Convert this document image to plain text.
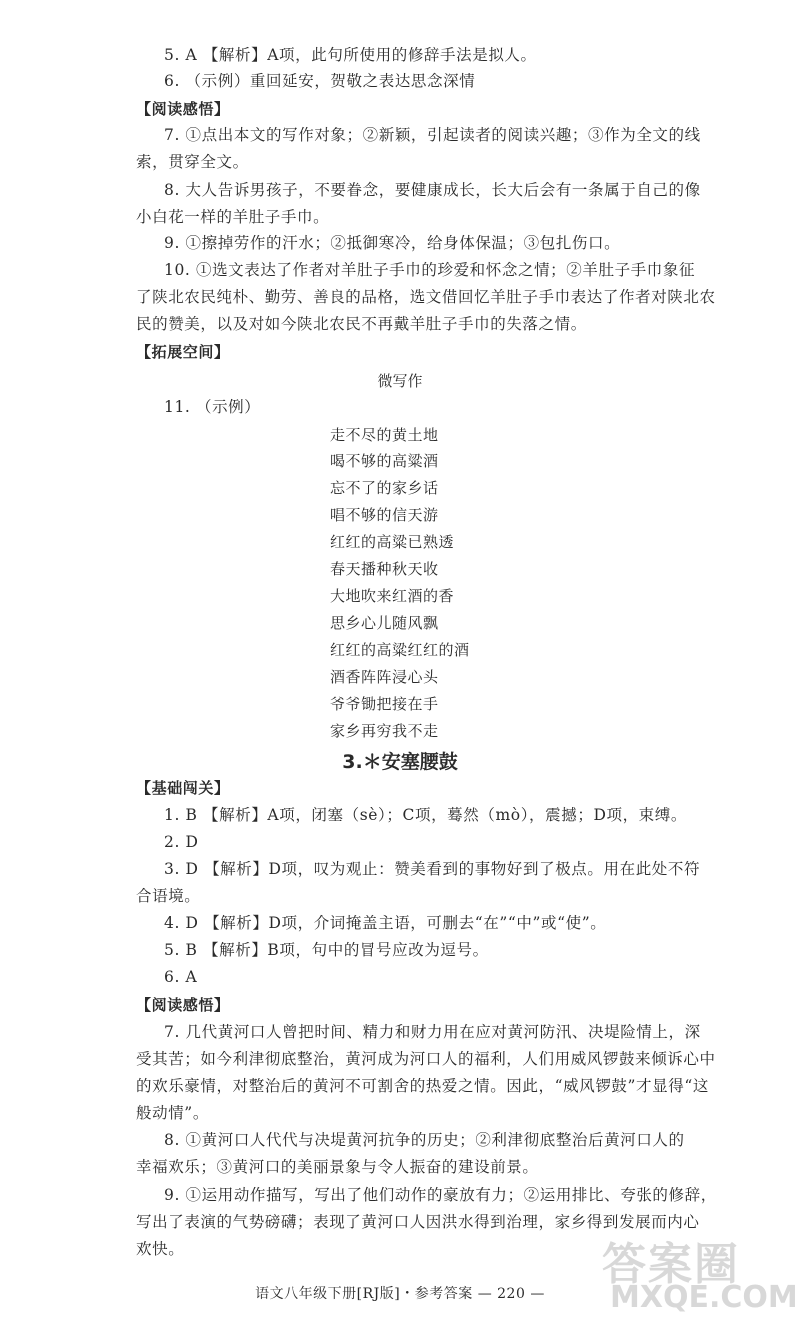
5. A 【解析】A项，此句所使用的修辞手法是拟人。
6. （示例）重回延安，贺敬之表达思念深情
【阅读感悟】
7. ①点出本文的写作对象；②新颖，引起读者的阅读兴趣；③作为全文的线
索，贯穿全文。
8. 大人告诉男孩子，不要眷念，要健康成长，长大后会有一条属于自己的像
小白花一样的羊肚子手巾。
9. ①擦掉劳作的汗水；②抵御寒冷，给身体保温；③包扎伤口。
10. ①选文表达了作者对羊肚子手巾的珍爱和怀念之情；②羊肚子手巾象征
了陕北农民纯朴、勤劳、善良的品格，选文借回忆羊肚子手巾表达了作者对陕北农
民的赞美，以及对如今陕北农民不再戴羊肚子手巾的失落之情。
【拓展空间】
微写作
11. （示例）
走不尽的黄土地
喝不够的高粱酒
忘不了的家乡话
唱不够的信天游
红红的高粱已熟透
春天播种秋天收
大地吹来红酒的香
思乡心儿随风飘
红红的高粱红红的酒
酒香阵阵浸心头
爷爷锄把接在手
家乡再穷我不走
3.＊安塞腰鼓
【基础闯关】
1. B 【解析】A项，闭塞（sè）；C项，蓦然（mò），震撼；D项，束缚。
2. D
3. D 【解析】D项，叹为观止：赞美看到的事物好到了极点。用在此处不符
合语境。
4. D 【解析】D项，介词掩盖主语，可删去“在”“中”或“使”。
5. B 【解析】B项，句中的冒号应改为逗号。
6. A
【阅读感悟】
7. 几代黄河口人曾把时间、精力和财力用在应对黄河防汛、决堤险情上，深
受其苦；如今利津彻底整治，黄河成为河口人的福利，人们用威风锣鼓来倾诉心中
的欢乐豪情，对整治后的黄河不可割舍的热爱之情。因此，“威风锣鼓”才显得“这
般动情”。
8. ①黄河口人代代与决堤黄河抗争的历史；②利津彻底整治后黄河口人的
幸福欢乐；③黄河口的美丽景象与令人振奋的建设前景。
9. ①运用动作描写，写出了他们动作的豪放有力；②运用排比、夸张的修辞，
写出了表演的气势磅礴；表现了黄河口人因洪水得到治理，家乡得到发展而内心
欢快。
语文八年级下册[RJ版]・参考答案 — 220 —
答案圈
MXQE.COM
